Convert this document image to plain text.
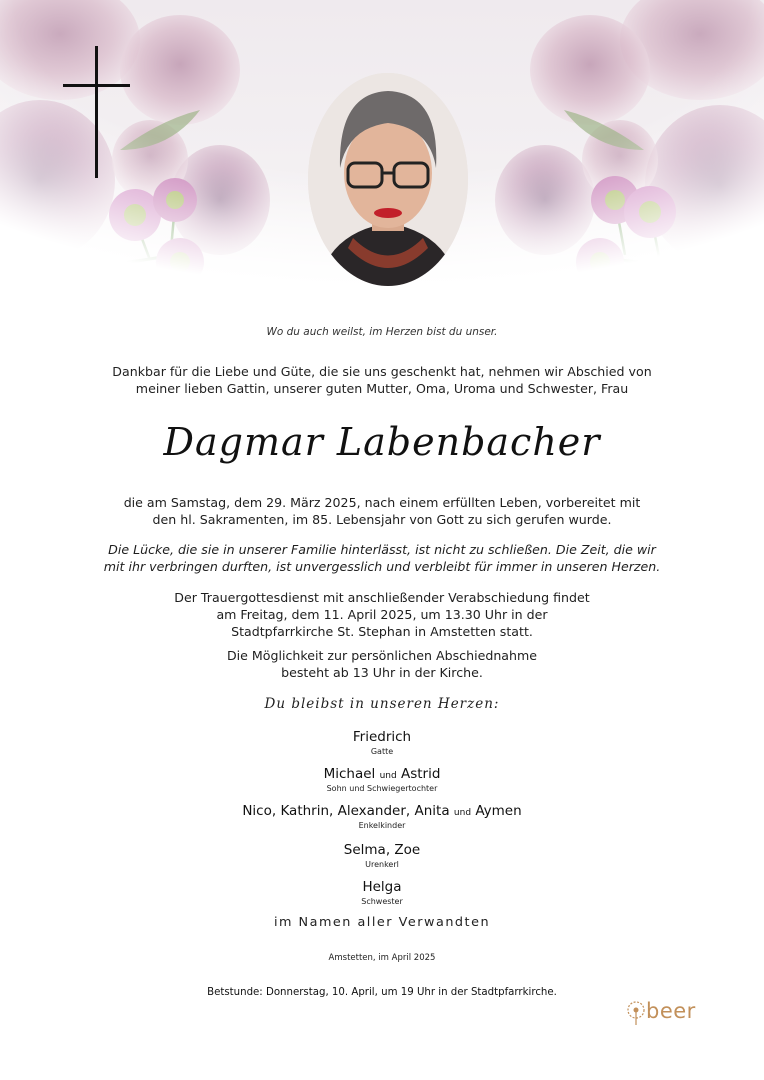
Wo du auch weilst, im Herzen bist du unser.
Dankbar für die Liebe und Güte, die sie uns geschenkt hat, nehmen wir Abschied von
meiner lieben Gattin, unserer guten Mutter, Oma, Uroma und Schwester, Frau
Dagmar Labenbacher
die am Samstag, dem 29. März 2025, nach einem erfüllten Leben, vorbereitet mit
den hl. Sakramenten, im 85. Lebensjahr von Gott zu sich gerufen wurde.
Die Lücke, die sie in unserer Familie hinterlässt, ist nicht zu schließen. Die Zeit, die wir
mit ihr verbringen durften, ist unvergesslich und verbleibt für immer in unseren Herzen.
Der Trauergottesdienst mit anschließender Verabschiedung findet
am Freitag, dem 11. April 2025, um 13.30 Uhr in der
Stadtpfarrkirche St. Stephan in Amstetten statt.
Die Möglichkeit zur persönlichen Abschiednahme
besteht ab 13 Uhr in der Kirche.
Du bleibst in unseren Herzen:
Friedrich
Gatte
Michael und Astrid
Sohn und Schwiegertochter
Nico, Kathrin, Alexander, Anita und Aymen
Enkelkinder
Selma, Zoe
Urenkerl
Helga
Schwester
im Namen aller Verwandten
Amstetten, im April 2025
Betstunde: Donnerstag, 10. April, um 19 Uhr in der Stadtpfarrkirche.
beer
